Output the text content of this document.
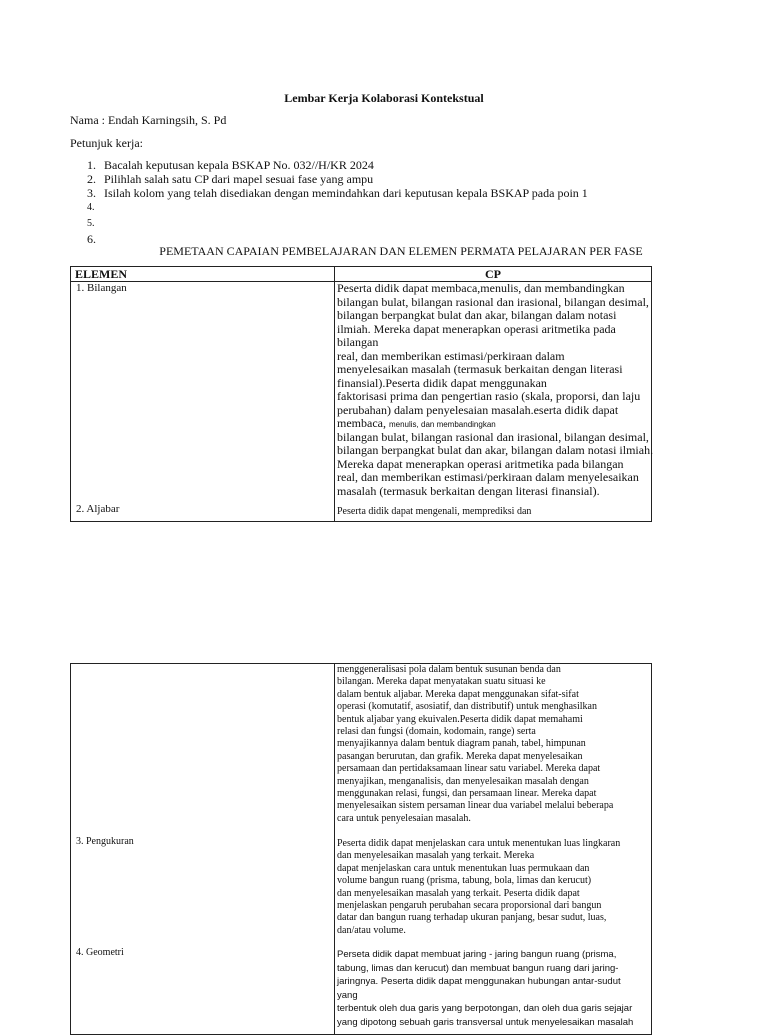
Lembar Kerja Kolaborasi Kontekstual
Nama : Endah Karningsih, S. Pd
Petunjuk kerja:
1. Bacalah keputusan kepala BSKAP No. 032//H/KR 2024
2. Pilihlah salah satu CP dari mapel sesuai fase yang ampu
3. Isilah kolom yang telah disediakan dengan memindahkan dari keputusan kepala BSKAP pada poin 1
4.
5.
6.
PEMETAAN CAPAIAN PEMBELAJARAN DAN ELEMEN PERMATA PELAJARAN PER FASE
ELEMEN	CP
1. Bilangan	Peserta didik dapat membaca,menulis, dan membandingkan
bilangan bulat, bilangan rasional dan irasional, bilangan desimal,
bilangan berpangkat bulat dan akar, bilangan dalam notasi
ilmiah. Mereka dapat menerapkan operasi aritmetika pada
bilangan
real, dan memberikan estimasi/perkiraan dalam
menyelesaikan masalah (termasuk berkaitan dengan literasi
finansial).Peserta didik dapat menggunakan
faktorisasi prima dan pengertian rasio (skala, proporsi, dan laju
perubahan) dalam penyelesaian masalah.eserta didik dapat
membaca, menulis, dan membandingkan
bilangan bulat, bilangan rasional dan irasional, bilangan desimal,
bilangan berpangkat bulat dan akar, bilangan dalam notasi ilmiah.
Mereka dapat menerapkan operasi aritmetika pada bilangan
real, dan memberikan estimasi/perkiraan dalam menyelesaikan
masalah (termasuk berkaitan dengan literasi finansial).
2. Aljabar	Peserta didik dapat mengenali, memprediksi dan
menggeneralisasi pola dalam bentuk susunan benda dan
bilangan. Mereka dapat menyatakan suatu situasi ke
dalam bentuk aljabar. Mereka dapat menggunakan sifat-sifat
operasi (komutatif, asosiatif, dan distributif) untuk menghasilkan
bentuk aljabar yang ekuivalen.Peserta didik dapat memahami
relasi dan fungsi (domain, kodomain, range) serta
menyajikannya dalam bentuk diagram panah, tabel, himpunan
pasangan berurutan, dan grafik. Mereka dapat menyelesaikan
persamaan dan pertidaksamaan linear satu variabel. Mereka dapat
menyajikan, menganalisis, dan menyelesaikan masalah dengan
menggunakan relasi, fungsi, dan persamaan linear. Mereka dapat
menyelesaikan sistem persaman linear dua variabel melalui beberapa
cara untuk penyelesaian masalah.
3. Pengukuran	Peserta didik dapat menjelaskan cara untuk menentukan luas lingkaran
dan menyelesaikan masalah yang terkait. Mereka
dapat menjelaskan cara untuk menentukan luas permukaan dan
volume bangun ruang (prisma, tabung, bola, limas dan kerucut)
dan menyelesaikan masalah yang terkait. Peserta didik dapat
menjelaskan pengaruh perubahan secara proporsional dari bangun
datar dan bangun ruang terhadap ukuran panjang, besar sudut, luas,
dan/atau volume.
4. Geometri	Perseta didik dapat membuat jaring - jaring bangun ruang (prisma,
tabung, limas dan kerucut) dan membuat bangun ruang dari jaring-
jaringnya. Peserta didik dapat menggunakan hubungan antar-sudut
yang
terbentuk oleh dua garis yang berpotongan, dan oleh dua garis sejajar
yang dipotong sebuah garis transversal untuk menyelesaikan masalah
